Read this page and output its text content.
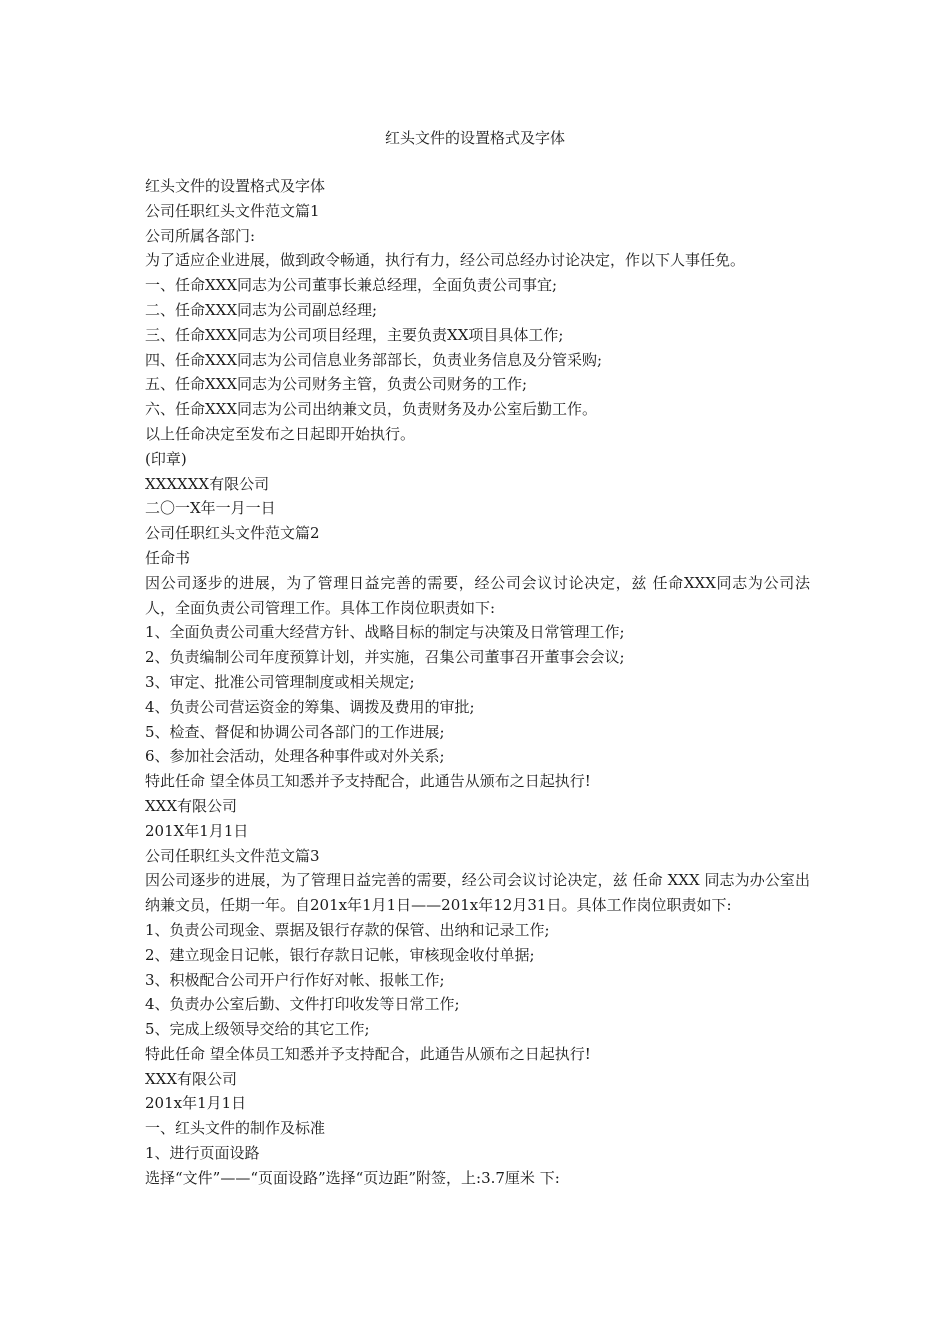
红头文件的设置格式及字体

红头文件的设置格式及字体

公司任职红头文件范文篇1

公司所属各部门:

为了适应企业进展，做到政令畅通，执行有力，经公司总经办讨论决定，作以下人事任免。

一、任命XXX同志为公司董事长兼总经理，全面负责公司事宜;

二、任命XXX同志为公司副总经理;

三、任命XXX同志为公司项目经理，主要负责XX项目具体工作;

四、任命XXX同志为公司信息业务部部长，负责业务信息及分管采购;

五、任命XXX同志为公司财务主管，负责公司财务的工作;

六、任命XXX同志为公司出纳兼文员，负责财务及办公室后勤工作。

以上任命决定至发布之日起即开始执行。

(印章)

XXXXXX有限公司

二〇一X年一月一日

公司任职红头文件范文篇2

任命书

因公司逐步的进展，为了管理日益完善的需要，经公司会议讨论决定，兹 任命XXX同志为公司法人，全面负责公司管理工作。具体工作岗位职责如下:

1、全面负责公司重大经营方针、战略目标的制定与决策及日常管理工作;

2、负责编制公司年度预算计划，并实施，召集公司董事召开董事会会议;

3、审定、批准公司管理制度或相关规定;

4、负责公司营运资金的筹集、调拨及费用的审批;

5、检查、督促和协调公司各部门的工作进展;

6、参加社会活动，处理各种事件或对外关系;

特此任命 望全体员工知悉并予支持配合，此通告从颁布之日起执行!

XXX有限公司

201X年1月1日

公司任职红头文件范文篇3

因公司逐步的进展，为了管理日益完善的需要，经公司会议讨论决定，兹 任命 XXX 同志为办公室出纳兼文员，任期一年。自201x年1月1日——201x年12月31日。具体工作岗位职责如下:

1、负责公司现金、票据及银行存款的保管、出纳和记录工作;

2、建立现金日记帐，银行存款日记帐，审核现金收付单据;

3、积极配合公司开户行作好对帐、报帐工作;

4、负责办公室后勤、文件打印收发等日常工作;

5、完成上级领导交给的其它工作;

特此任命 望全体员工知悉并予支持配合，此通告从颁布之日起执行!

XXX有限公司

201x年1月1日

一、红头文件的制作及标准

1、进行页面设路

选择“文件”——“页面设路”选择“页边距”附签，上:3.7厘米 下:
